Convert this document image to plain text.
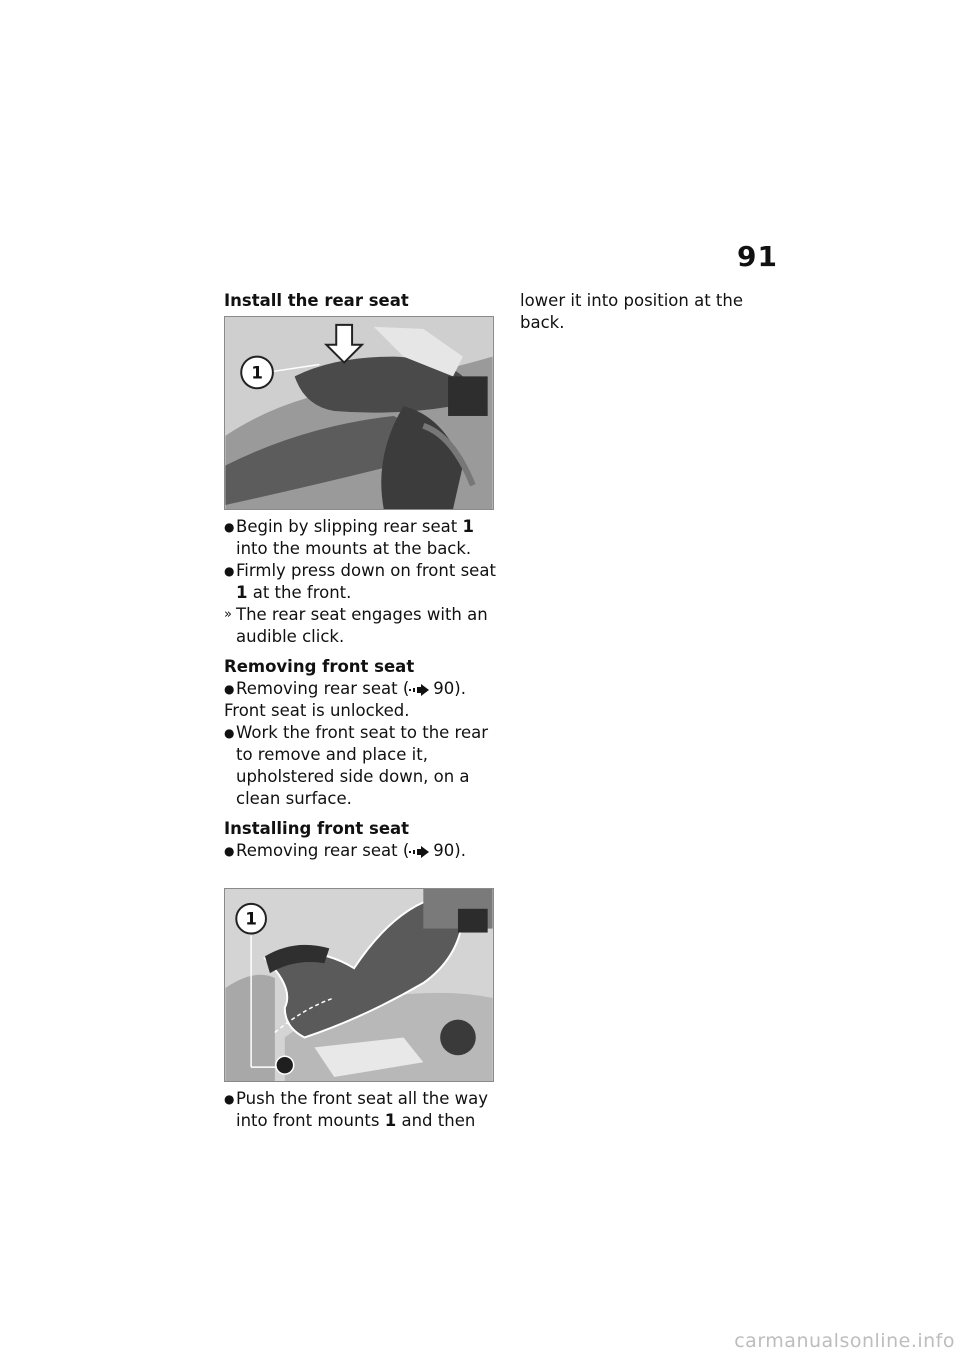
91
Install the rear seat
1
● Begin by slipping rear seat 1 into the mounts at the back.
● Firmly press down on front seat 1 at the front.
» The rear seat engages with an audible click.
Removing front seat
● Removing rear seat ( 90).
Front seat is unlocked.
● Work the front seat to the rear to remove and place it, upholstered side down, on a clean surface.
Installing front seat
● Removing rear seat ( 90).
1
● Push the front seat all the way into front mounts 1 and then
lower it into position at the back.
carmanualsonline.info
